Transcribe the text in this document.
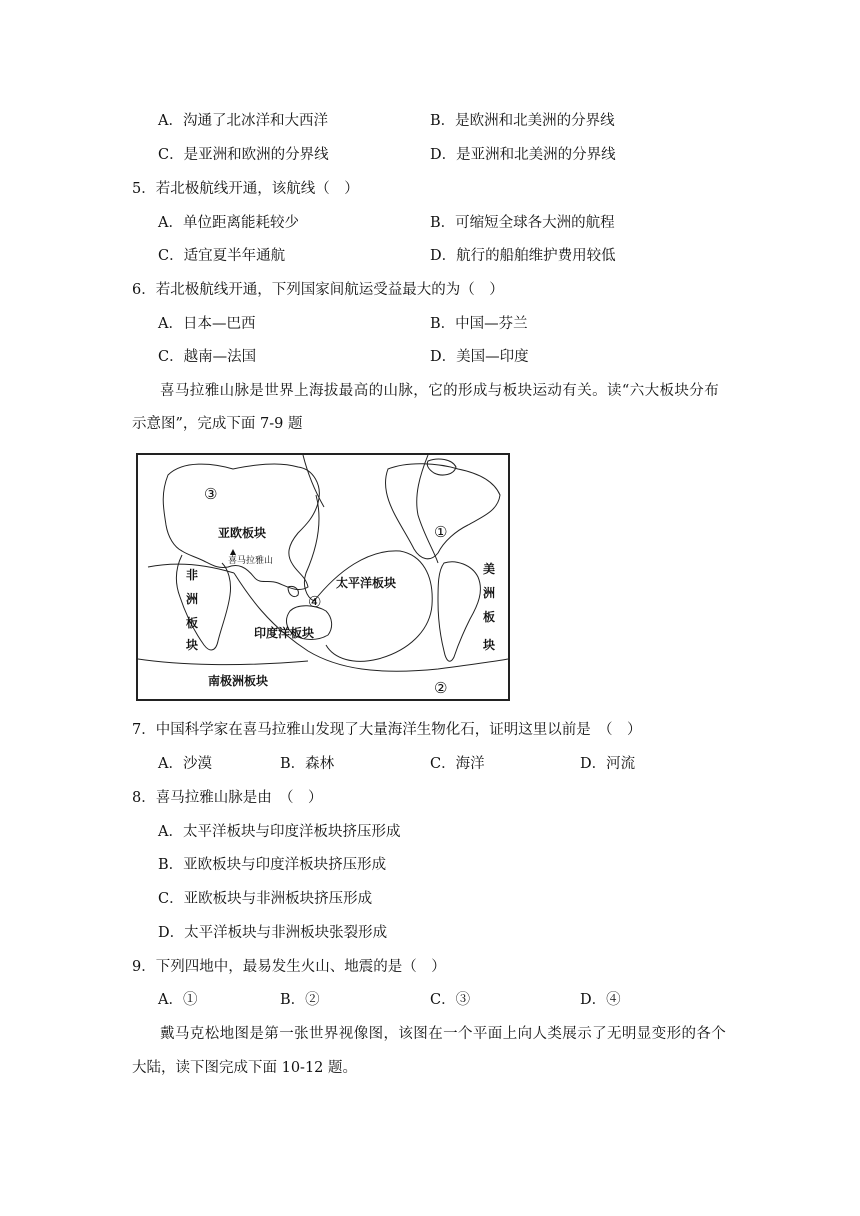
A．沟通了北冰洋和大西洋	B．是欧洲和北美洲的分界线
C．是亚洲和欧洲的分界线	D．是亚洲和北美洲的分界线
5．若北极航线开通，该航线（　）
A．单位距离能耗较少	B．可缩短全球各大洲的航程
C．适宜夏半年通航	D．航行的船舶维护费用较低
6．若北极航线开通，下列国家间航运受益最大的为（　）
A．日本—巴西	B．中国—芬兰
C．越南—法国	D．美国—印度
喜马拉雅山脉是世界上海拔最高的山脉，它的形成与板块运动有关。读“六大板块分布
示意图”，完成下面 7-9 题
亚欧板块
喜马拉雅山
非
洲
板
块
太平洋板块
印度洋板块
美
洲
板
块
南极洲板块
①
②
③
④
7．中国科学家在喜马拉雅山发现了大量海洋生物化石，证明这里以前是　（　）
A．沙漠	B．森林	C．海洋	D．河流
8．喜马拉雅山脉是由　（　）
A．太平洋板块与印度洋板块挤压形成
B．亚欧板块与印度洋板块挤压形成
C．亚欧板块与非洲板块挤压形成
D．太平洋板块与非洲板块张裂形成
9．下列四地中，最易发生火山、地震的是（　）
A．①	B．②	C．③	D．④
戴马克松地图是第一张世界视像图，该图在一个平面上向人类展示了无明显变形的各个
大陆，读下图完成下面 10-12 题。
